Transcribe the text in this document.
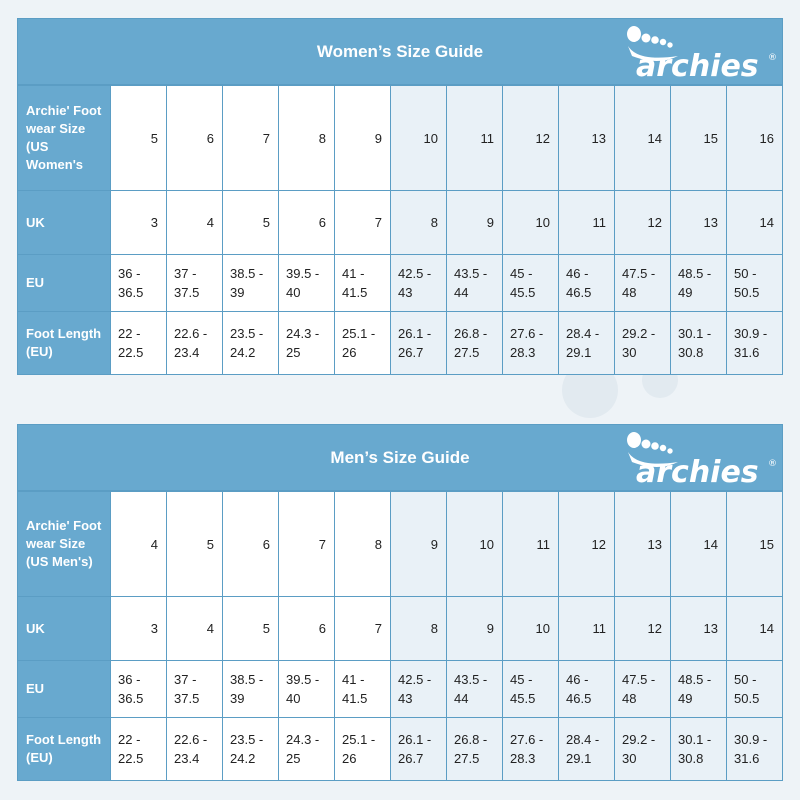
Women’s Size Guide	archies ®
Archie' Foot wear Size (US Women's	5	6	7	8	9	10	11	12	13	14	15	16
UK	3	4	5	6	7	8	9	10	11	12	13	14
EU	36 - 36.5	37 - 37.5	38.5 - 39	39.5 - 40	41 - 41.5	42.5 - 43	43.5 - 44	45 - 45.5	46 - 46.5	47.5 - 48	48.5 - 49	50 - 50.5
Foot Length (EU)	22 - 22.5	22.6 - 23.4	23.5 - 24.2	24.3 - 25	25.1 - 26	26.1 - 26.7	26.8 - 27.5	27.6 - 28.3	28.4 - 29.1	29.2 - 30	30.1 - 30.8	30.9 - 31.6
Men’s Size Guide	archies ®
Archie' Foot wear Size (US Men's)	4	5	6	7	8	9	10	11	12	13	14	15
UK	3	4	5	6	7	8	9	10	11	12	13	14
EU	36 - 36.5	37 - 37.5	38.5 - 39	39.5 - 40	41 - 41.5	42.5 - 43	43.5 - 44	45 - 45.5	46 - 46.5	47.5 - 48	48.5 - 49	50 - 50.5
Foot Length (EU)	22 - 22.5	22.6 - 23.4	23.5 - 24.2	24.3 - 25	25.1 - 26	26.1 - 26.7	26.8 - 27.5	27.6 - 28.3	28.4 - 29.1	29.2 - 30	30.1 - 30.8	30.9 - 31.6
